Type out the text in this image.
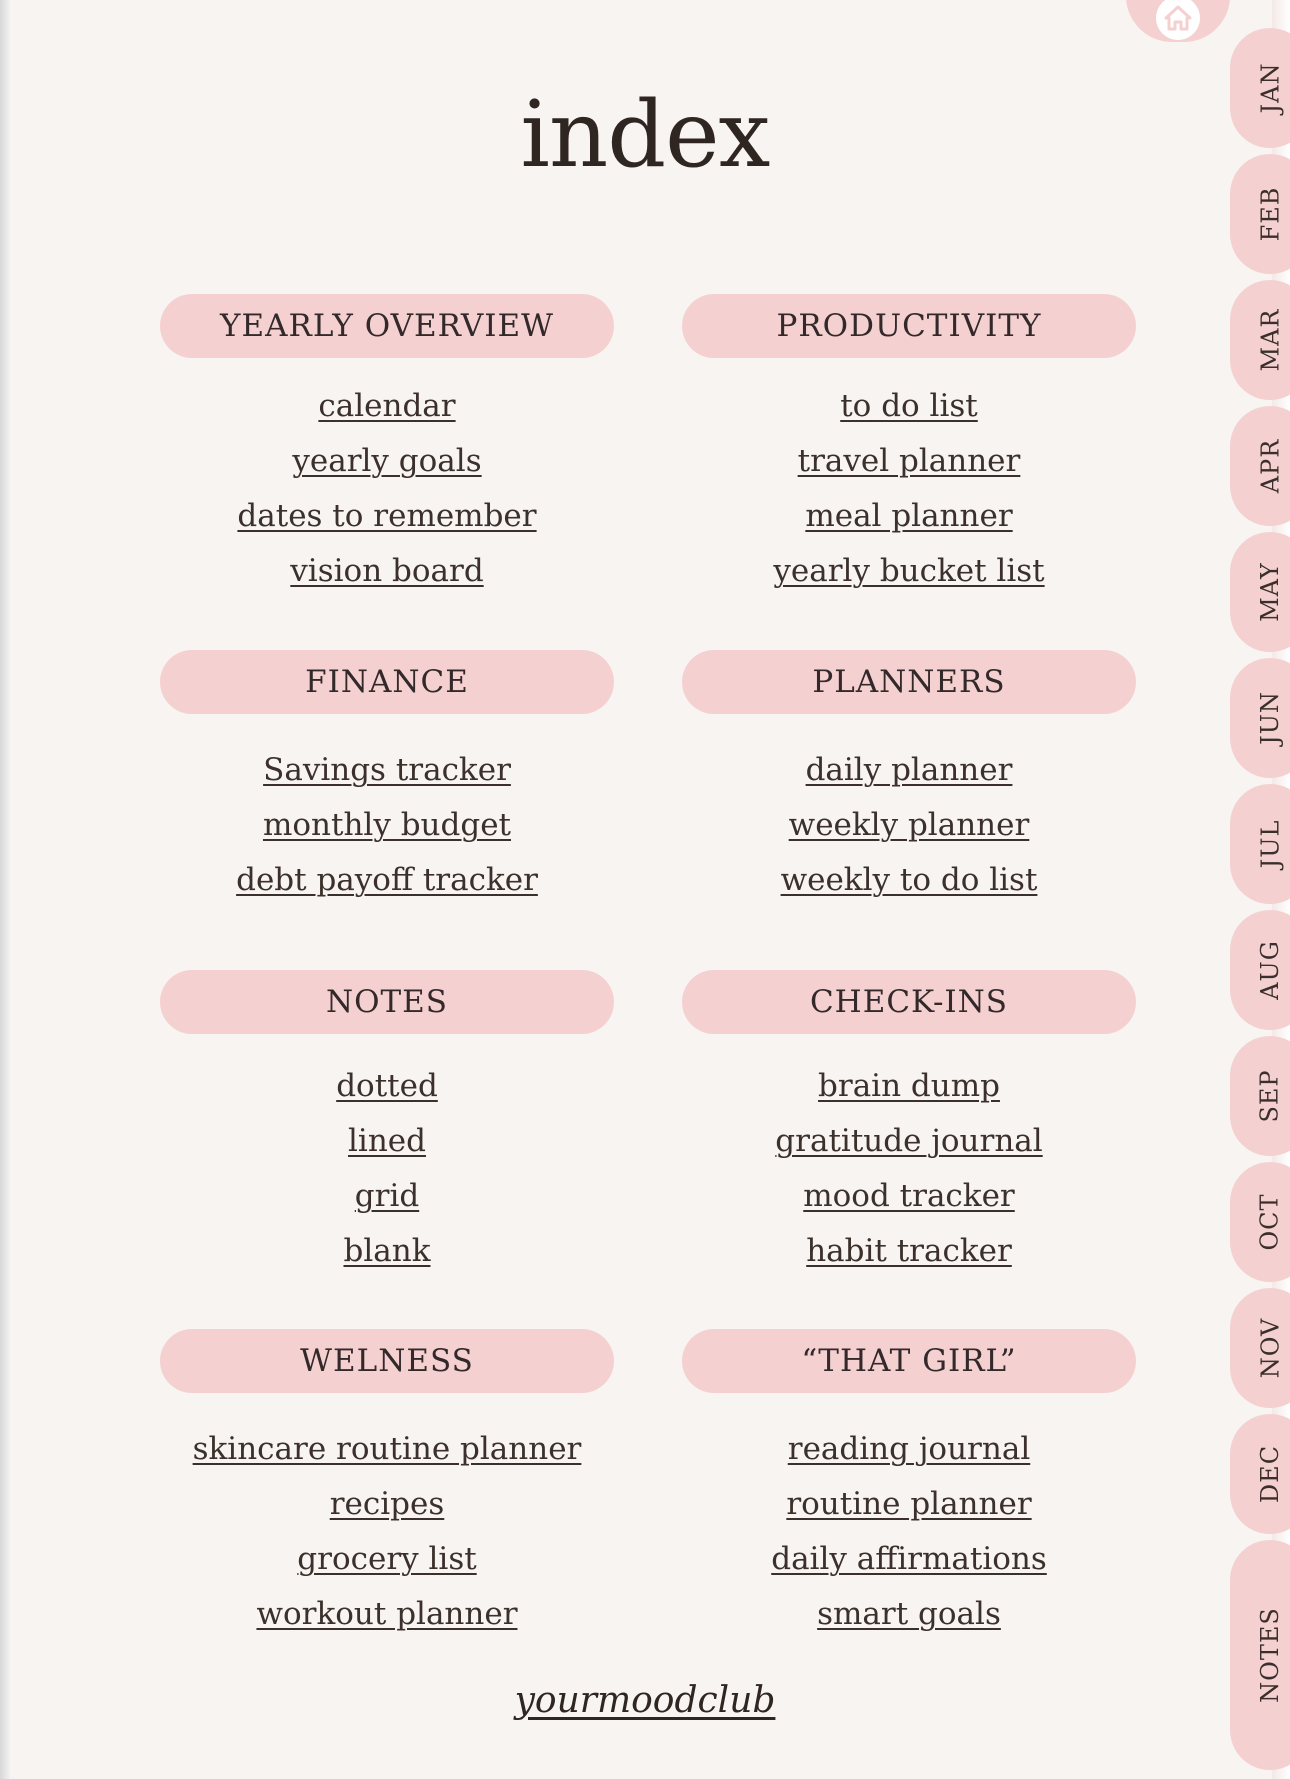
JAN
FEB
MAR
APR
MAY
JUN
JUL
AUG
SEP
OCT
NOV
DEC
NOTES
index
YEARLY OVERVIEW
calendar
yearly goals
dates to remember
vision board
PRODUCTIVITY
to do list
travel planner
meal planner
yearly bucket list
FINANCE
Savings tracker
monthly budget
debt payoff tracker
PLANNERS
daily planner
weekly planner
weekly to do list
NOTES
dotted
lined
grid
blank
CHECK-INS
brain dump
gratitude journal
mood tracker
habit tracker
WELNESS
skincare routine planner
recipes
grocery list
workout planner
“THAT GIRL”
reading journal
routine planner
daily affirmations
smart goals
yourmoodclub
